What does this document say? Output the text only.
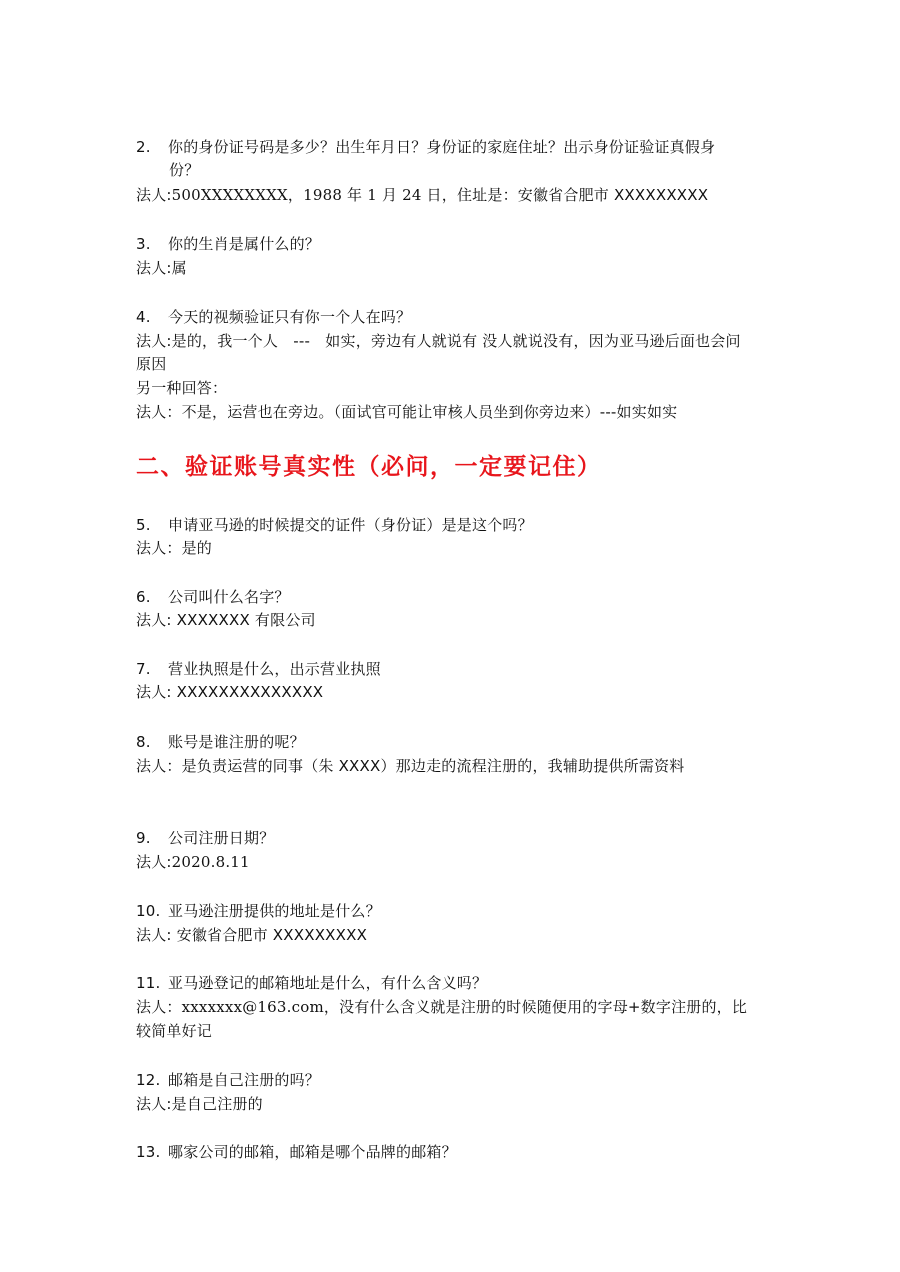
2. 你的身份证号码是多少？出生年月日？身份证的家庭住址？出示身份证验证真假身
份？
法人:500XXXXXXXX，1988 年 1 月 24 日，住址是：安徽省合肥市 XXXXXXXXX
3. 你的生肖是属什么的？
法人:属
4. 今天的视频验证只有你一个人在吗？
法人:是的，我一个人　---　如实，旁边有人就说有 没人就说没有，因为亚马逊后面也会问
原因
另一种回答：
法人：不是，运营也在旁边。（面试官可能让审核人员坐到你旁边来）---如实如实
二、验证账号真实性（必问，一定要记住）
5. 申请亚马逊的时候提交的证件（身份证）是是这个吗？
法人：是的
6. 公司叫什么名字？
法人: XXXXXXX 有限公司
7. 营业执照是什么，出示营业执照
法人: XXXXXXXXXXXXXX
8. 账号是谁注册的呢？
法人：是负责运营的同事（朱 XXXX）那边走的流程注册的，我辅助提供所需资料
9. 公司注册日期？
法人:2020.8.11
10. 亚马逊注册提供的地址是什么？
法人: 安徽省合肥市 XXXXXXXXX
11. 亚马逊登记的邮箱地址是什么，有什么含义吗？
法人：xxxxxxx@163.com，没有什么含义就是注册的时候随便用的字母+数字注册的，比
较简单好记
12. 邮箱是自己注册的吗？
法人:是自己注册的
13. 哪家公司的邮箱，邮箱是哪个品牌的邮箱？
